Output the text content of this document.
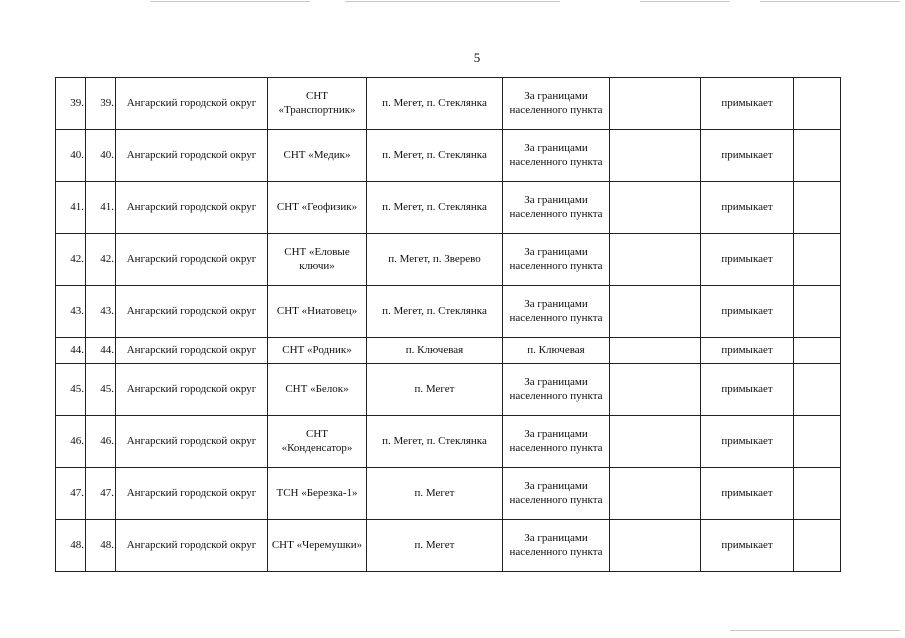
5
39.	39.	Ангарский городской округ	СНТ «Транспортник»	п. Мегет, п. Стеклянка	За границами населенного пункта		примыкает	
40.	40.	Ангарский городской округ	СНТ «Медик»	п. Мегет, п. Стеклянка	За границами населенного пункта		примыкает	
41.	41.	Ангарский городской округ	СНТ «Геофизик»	п. Мегет, п. Стеклянка	За границами населенного пункта		примыкает	
42.	42.	Ангарский городской округ	СНТ «Еловые ключи»	п. Мегет, п. Зверево	За границами населенного пункта		примыкает	
43.	43.	Ангарский городской округ	СНТ «Ниатовец»	п. Мегет, п. Стеклянка	За границами населенного пункта		примыкает	
44.	44.	Ангарский городской округ	СНТ «Родник»	п. Ключевая	п. Ключевая		примыкает	
45.	45.	Ангарский городской округ	СНТ «Белок»	п. Мегет	За границами населенного пункта		примыкает	
46.	46.	Ангарский городской округ	СНТ «Конденсатор»	п. Мегет, п. Стеклянка	За границами населенного пункта		примыкает	
47.	47.	Ангарский городской округ	ТСН «Березка-1»	п. Мегет	За границами населенного пункта		примыкает	
48.	48.	Ангарский городской округ	СНТ «Черемушки»	п. Мегет	За границами населенного пункта		примыкает	
